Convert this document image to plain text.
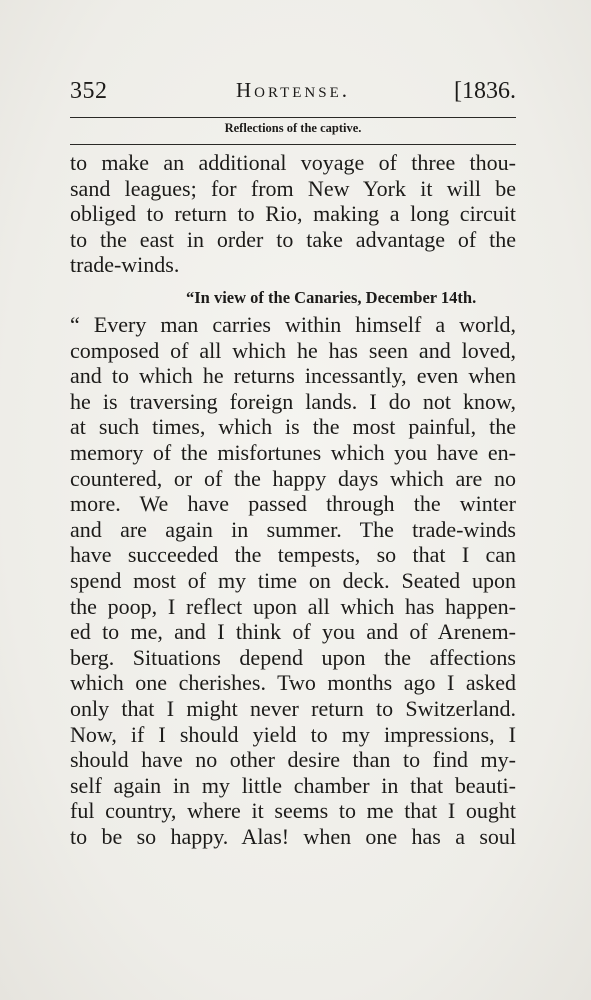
352	Hortense.	[1836.
Reflections of the captive.
to make an additional voyage of three thou-
sand leagues; for from New York it will be
obliged to return to Rio, making a long circuit
to the east in order to take advantage of the
trade-winds.
“In view of the Canaries, December 14th.
“ Every man carries within himself a world,
composed of all which he has seen and loved,
and to which he returns incessantly, even when
he is traversing foreign lands. I do not know,
at such times, which is the most painful, the
memory of the misfortunes which you have en-
countered, or of the happy days which are no
more. We have passed through the winter
and are again in summer. The trade-winds
have succeeded the tempests, so that I can
spend most of my time on deck. Seated upon
the poop, I reflect upon all which has happen-
ed to me, and I think of you and of Arenem-
berg. Situations depend upon the affections
which one cherishes. Two months ago I asked
only that I might never return to Switzerland.
Now, if I should yield to my impressions, I
should have no other desire than to find my-
self again in my little chamber in that beauti-
ful country, where it seems to me that I ought
to be so happy. Alas! when one has a soul
